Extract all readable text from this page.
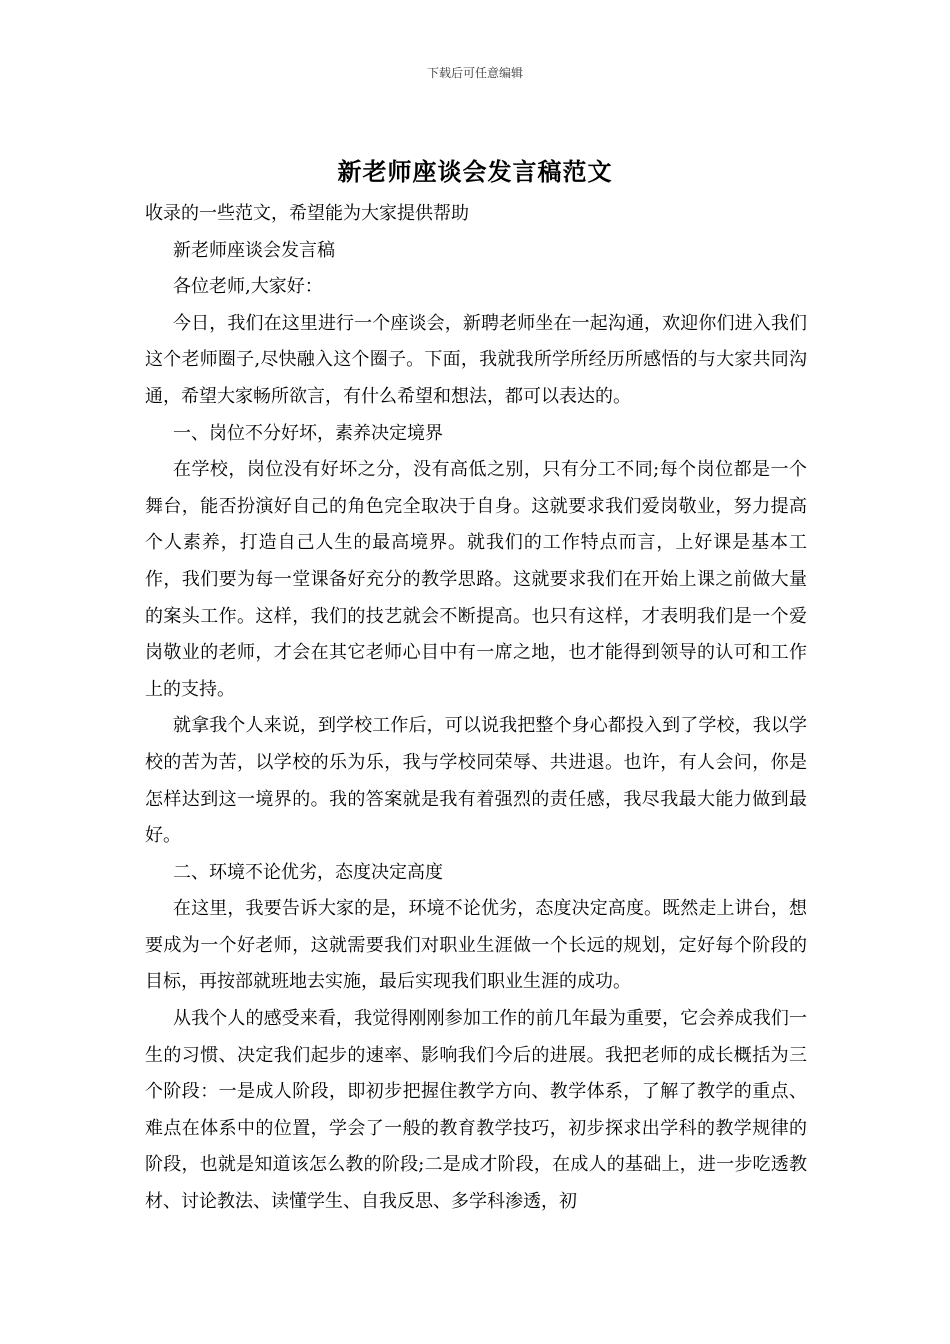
下载后可任意编辑
新老师座谈会发言稿范文

收录的一些范文，希望能为大家提供帮助

新老师座谈会发言稿

各位老师,大家好：

今日，我们在这里进行一个座谈会，新聘老师坐在一起沟通，欢迎你们进入我们这个老师圈子,尽快融入这个圈子。下面，我就我所学所经历所感悟的与大家共同沟通，希望大家畅所欲言，有什么希望和想法，都可以表达的。

一、岗位不分好坏，素养决定境界

在学校，岗位没有好坏之分，没有高低之别，只有分工不同;每个岗位都是一个舞台，能否扮演好自己的角色完全取决于自身。这就要求我们爱岗敬业，努力提高个人素养，打造自己人生的最高境界。就我们的工作特点而言，上好课是基本工作，我们要为每一堂课备好充分的教学思路。这就要求我们在开始上课之前做大量的案头工作。这样，我们的技艺就会不断提高。也只有这样，才表明我们是一个爱岗敬业的老师，才会在其它老师心目中有一席之地，也才能得到领导的认可和工作上的支持。

就拿我个人来说，到学校工作后，可以说我把整个身心都投入到了学校，我以学校的苦为苦，以学校的乐为乐，我与学校同荣辱、共进退。也许，有人会问，你是怎样达到这一境界的。我的答案就是我有着强烈的责任感，我尽我最大能力做到最好。

二、环境不论优劣，态度决定高度

在这里，我要告诉大家的是，环境不论优劣，态度决定高度。既然走上讲台，想要成为一个好老师，这就需要我们对职业生涯做一个长远的规划，定好每个阶段的目标，再按部就班地去实施，最后实现我们职业生涯的成功。

从我个人的感受来看，我觉得刚刚参加工作的前几年最为重要，它会养成我们一生的习惯、决定我们起步的速率、影响我们今后的进展。我把老师的成长概括为三个阶段：一是成人阶段，即初步把握住教学方向、教学体系，了解了教学的重点、难点在体系中的位置，学会了一般的教育教学技巧，初步探求出学科的教学规律的阶段，也就是知道该怎么教的阶段;二是成才阶段，在成人的基础上，进一步吃透教材、讨论教法、读懂学生、自我反思、多学科渗透，初
